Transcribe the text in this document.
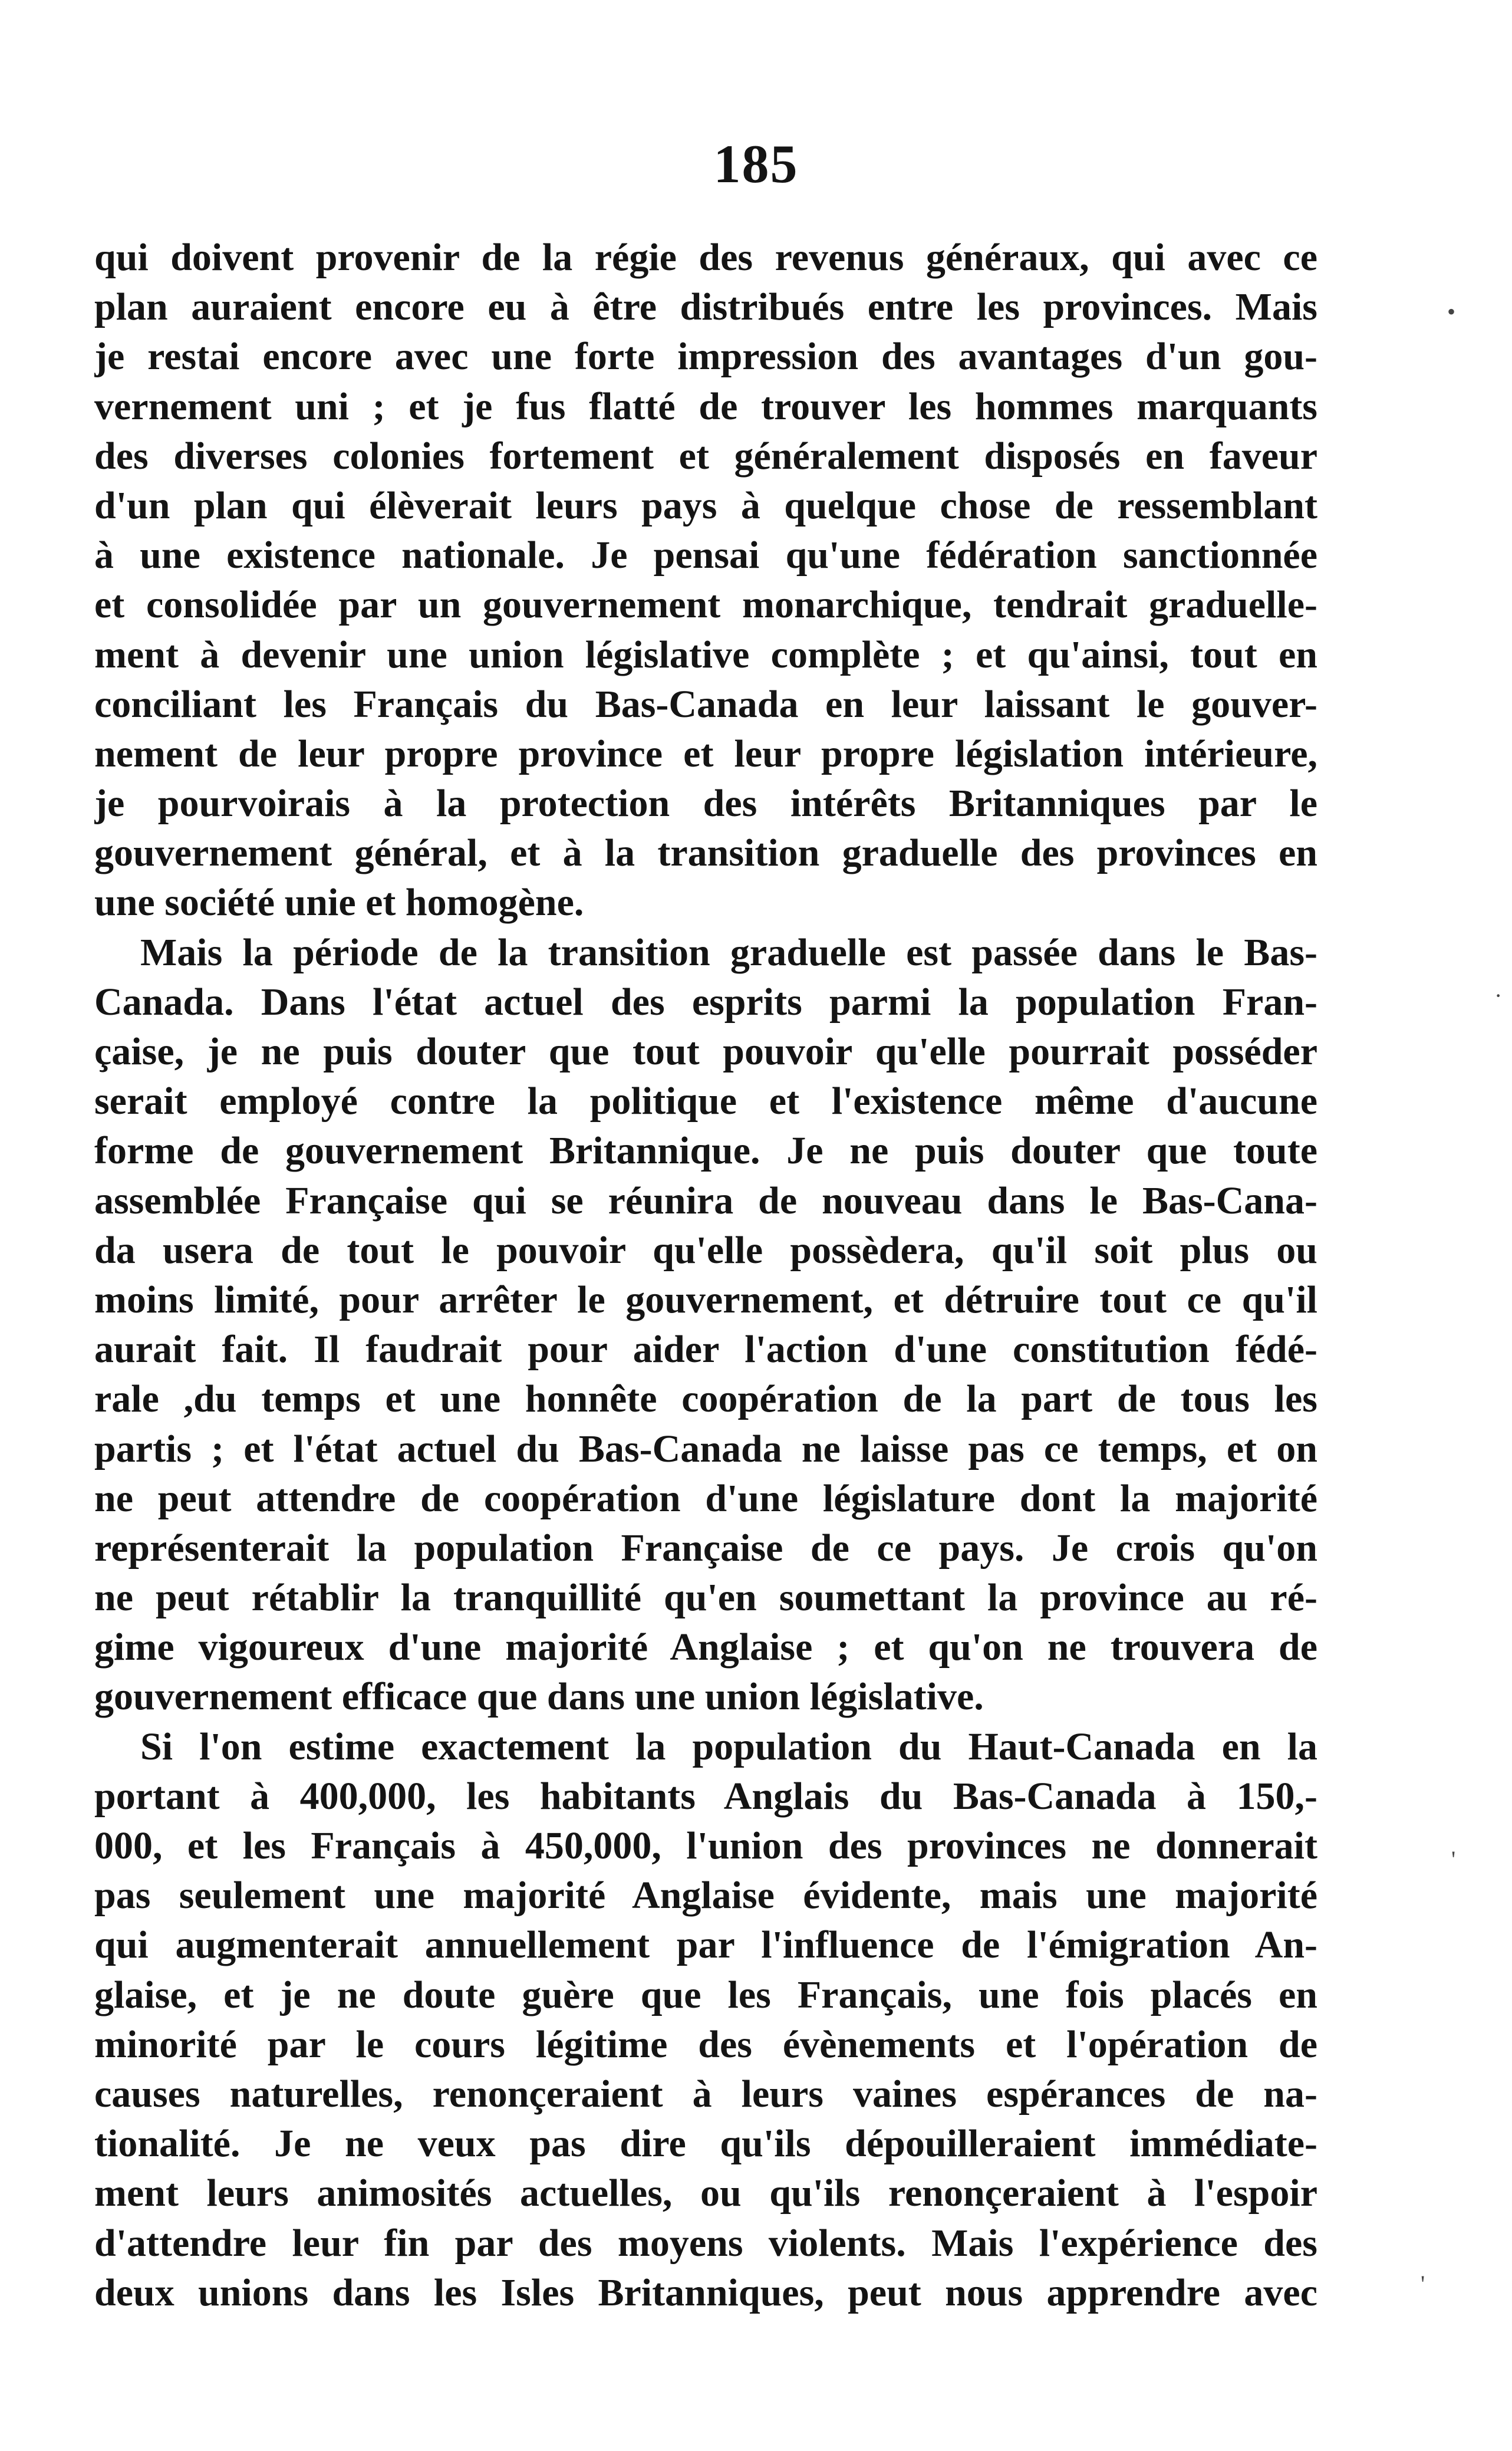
185
qui doivent provenir de la régie des revenus généraux, qui avec ce
plan auraient encore eu à être distribués entre les provinces. Mais
je restai encore avec une forte impression des avantages d'un gou-
vernement uni ; et je fus flatté de trouver les hommes marquants
des diverses colonies fortement et généralement disposés en faveur
d'un plan qui élèverait leurs pays à quelque chose de ressemblant
à une existence nationale. Je pensai qu'une fédération sanctionnée
et consolidée par un gouvernement monarchique, tendrait graduelle-
ment à devenir une union législative complète ; et qu'ainsi, tout en
conciliant les Français du Bas-Canada en leur laissant le gouver-
nement de leur propre province et leur propre législation intérieure,
je pourvoirais à la protection des intérêts Britanniques par le
gouvernement général, et à la transition graduelle des provinces en
une société unie et homogène.
Mais la période de la transition graduelle est passée dans le Bas-
Canada. Dans l'état actuel des esprits parmi la population Fran-
çaise, je ne puis douter que tout pouvoir qu'elle pourrait posséder
serait employé contre la politique et l'existence même d'aucune
forme de gouvernement Britannique. Je ne puis douter que toute
assemblée Française qui se réunira de nouveau dans le Bas-Cana-
da usera de tout le pouvoir qu'elle possèdera, qu'il soit plus ou
moins limité, pour arrêter le gouvernement, et détruire tout ce qu'il
aurait fait. Il faudrait pour aider l'action d'une constitution fédé-
rale ,du temps et une honnête coopération de la part de tous les
partis ; et l'état actuel du Bas-Canada ne laisse pas ce temps, et on
ne peut attendre de coopération d'une législature dont la majorité
représenterait la population Française de ce pays. Je crois qu'on
ne peut rétablir la tranquillité qu'en soumettant la province au ré-
gime vigoureux d'une majorité Anglaise ; et qu'on ne trouvera de
gouvernement efficace que dans une union législative.
Si l'on estime exactement la population du Haut-Canada en la
portant à 400,000, les habitants Anglais du Bas-Canada à 150,-
000, et les Français à 450,000, l'union des provinces ne donnerait
pas seulement une majorité Anglaise évidente, mais une majorité
qui augmenterait annuellement par l'influence de l'émigration An-
glaise, et je ne doute guère que les Français, une fois placés en
minorité par le cours légitime des évènements et l'opération de
causes naturelles, renonçeraient à leurs vaines espérances de na-
tionalité. Je ne veux pas dire qu'ils dépouilleraient immédiate-
ment leurs animosités actuelles, ou qu'ils renonçeraient à l'espoir
d'attendre leur fin par des moyens violents. Mais l'expérience des
deux unions dans les Isles Britanniques, peut nous apprendre avec
•
·
'
'
